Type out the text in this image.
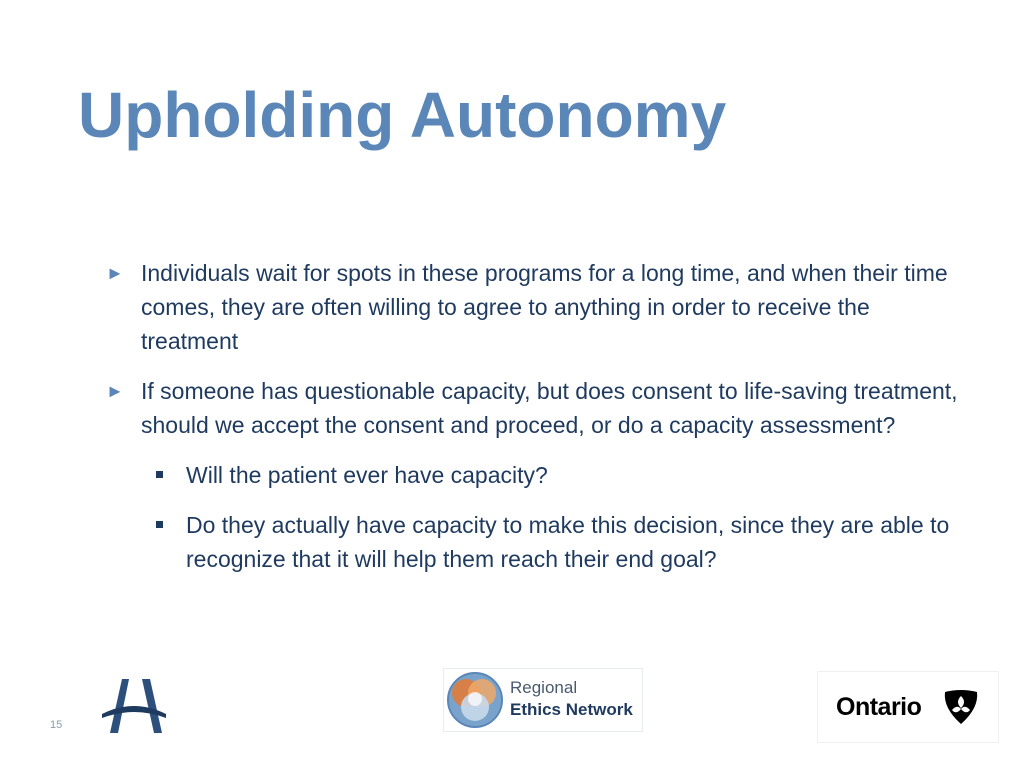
Upholding Autonomy
► Individuals wait for spots in these programs for a long time, and when their time comes, they are often willing to agree to anything in order to receive the treatment
► If someone has questionable capacity, but does consent to life-saving treatment, should we accept the consent and proceed, or do a capacity assessment?
Will the patient ever have capacity?
Do they actually have capacity to make this decision, since they are able to recognize that it will help them reach their end goal?
15
Regional
Ethics Network	Ontario
